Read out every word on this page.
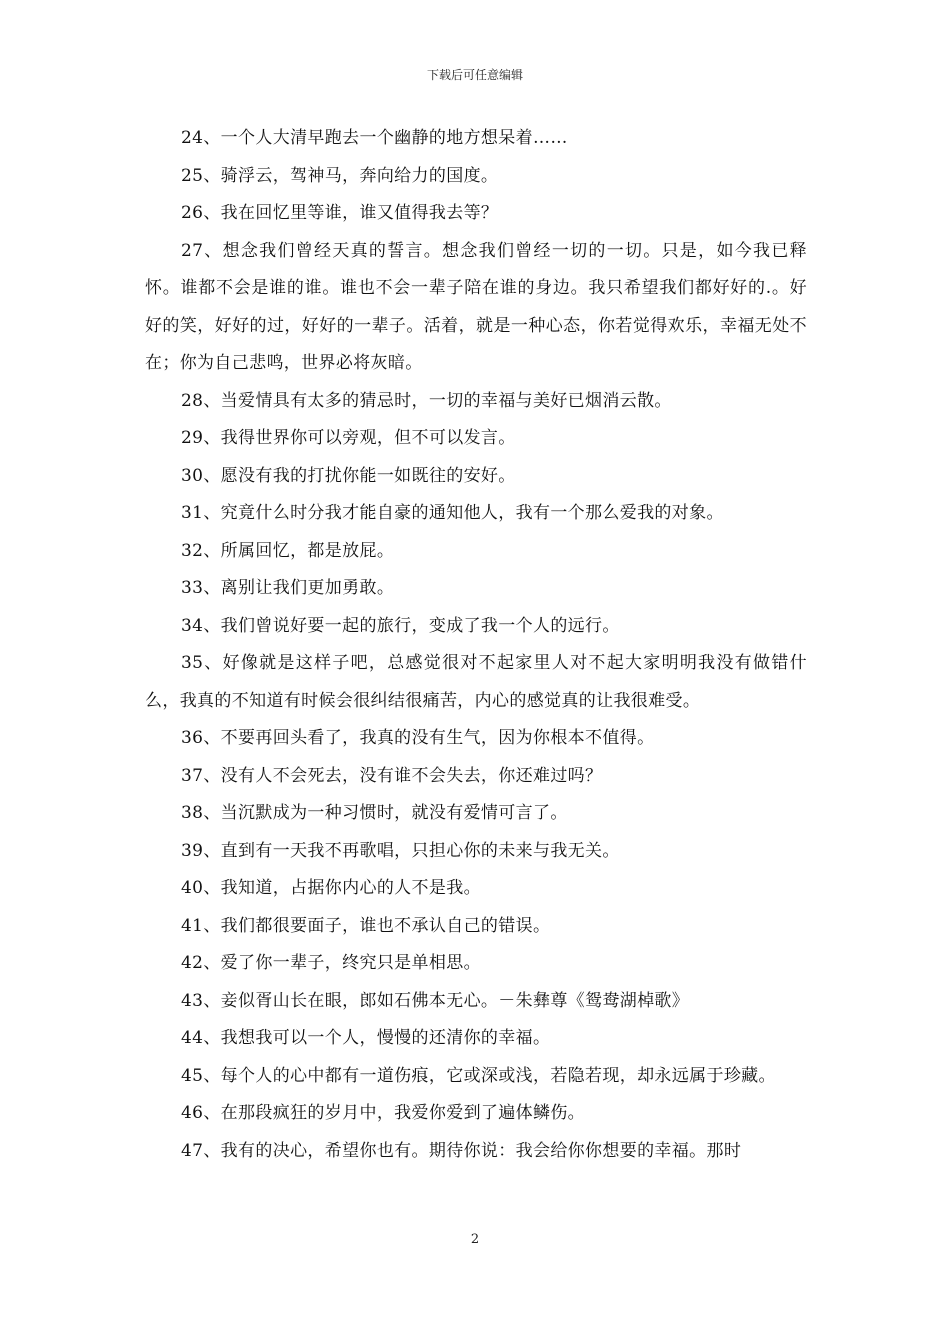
下载后可任意编辑

24、一个人大清早跑去一个幽静的地方想呆着……

25、骑浮云，驾神马，奔向给力的国度。

26、我在回忆里等谁，谁又值得我去等？

27、想念我们曾经天真的誓言。想念我们曾经一切的一切。只是，如今我已释怀。谁都不会是谁的谁。谁也不会一辈子陪在谁的身边。我只希望我们都好好的.。好好的笑，好好的过，好好的一辈子。活着，就是一种心态，你若觉得欢乐，幸福无处不在；你为自己悲鸣，世界必将灰暗。

28、当爱情具有太多的猜忌时，一切的幸福与美好已烟消云散。

29、我得世界你可以旁观，但不可以发言。

30、愿没有我的打扰你能一如既往的安好。

31、究竟什么时分我才能自豪的通知他人，我有一个那么爱我的对象。

32、所属回忆，都是放屁。

33、离别让我们更加勇敢。

34、我们曾说好要一起的旅行，变成了我一个人的远行。

35、好像就是这样子吧，总感觉很对不起家里人对不起大家明明我没有做错什么，我真的不知道有时候会很纠结很痛苦，内心的感觉真的让我很难受。

36、不要再回头看了，我真的没有生气，因为你根本不值得。

37、没有人不会死去，没有谁不会失去，你还难过吗？

38、当沉默成为一种习惯时，就没有爱情可言了。

39、直到有一天我不再歌唱，只担心你的未来与我无关。

40、我知道，占据你内心的人不是我。

41、我们都很要面子，谁也不承认自己的错误。

42、爱了你一辈子，终究只是单相思。

43、妾似胥山长在眼，郎如石佛本无心。－朱彝尊《鸳鸯湖棹歌》

44、我想我可以一个人，慢慢的还清你的幸福。

45、每个人的心中都有一道伤痕，它或深或浅，若隐若现，却永远属于珍藏。

46、在那段疯狂的岁月中，我爱你爱到了遍体鳞伤。

47、我有的决心，希望你也有。期待你说：我会给你你想要的幸福。那时

2
